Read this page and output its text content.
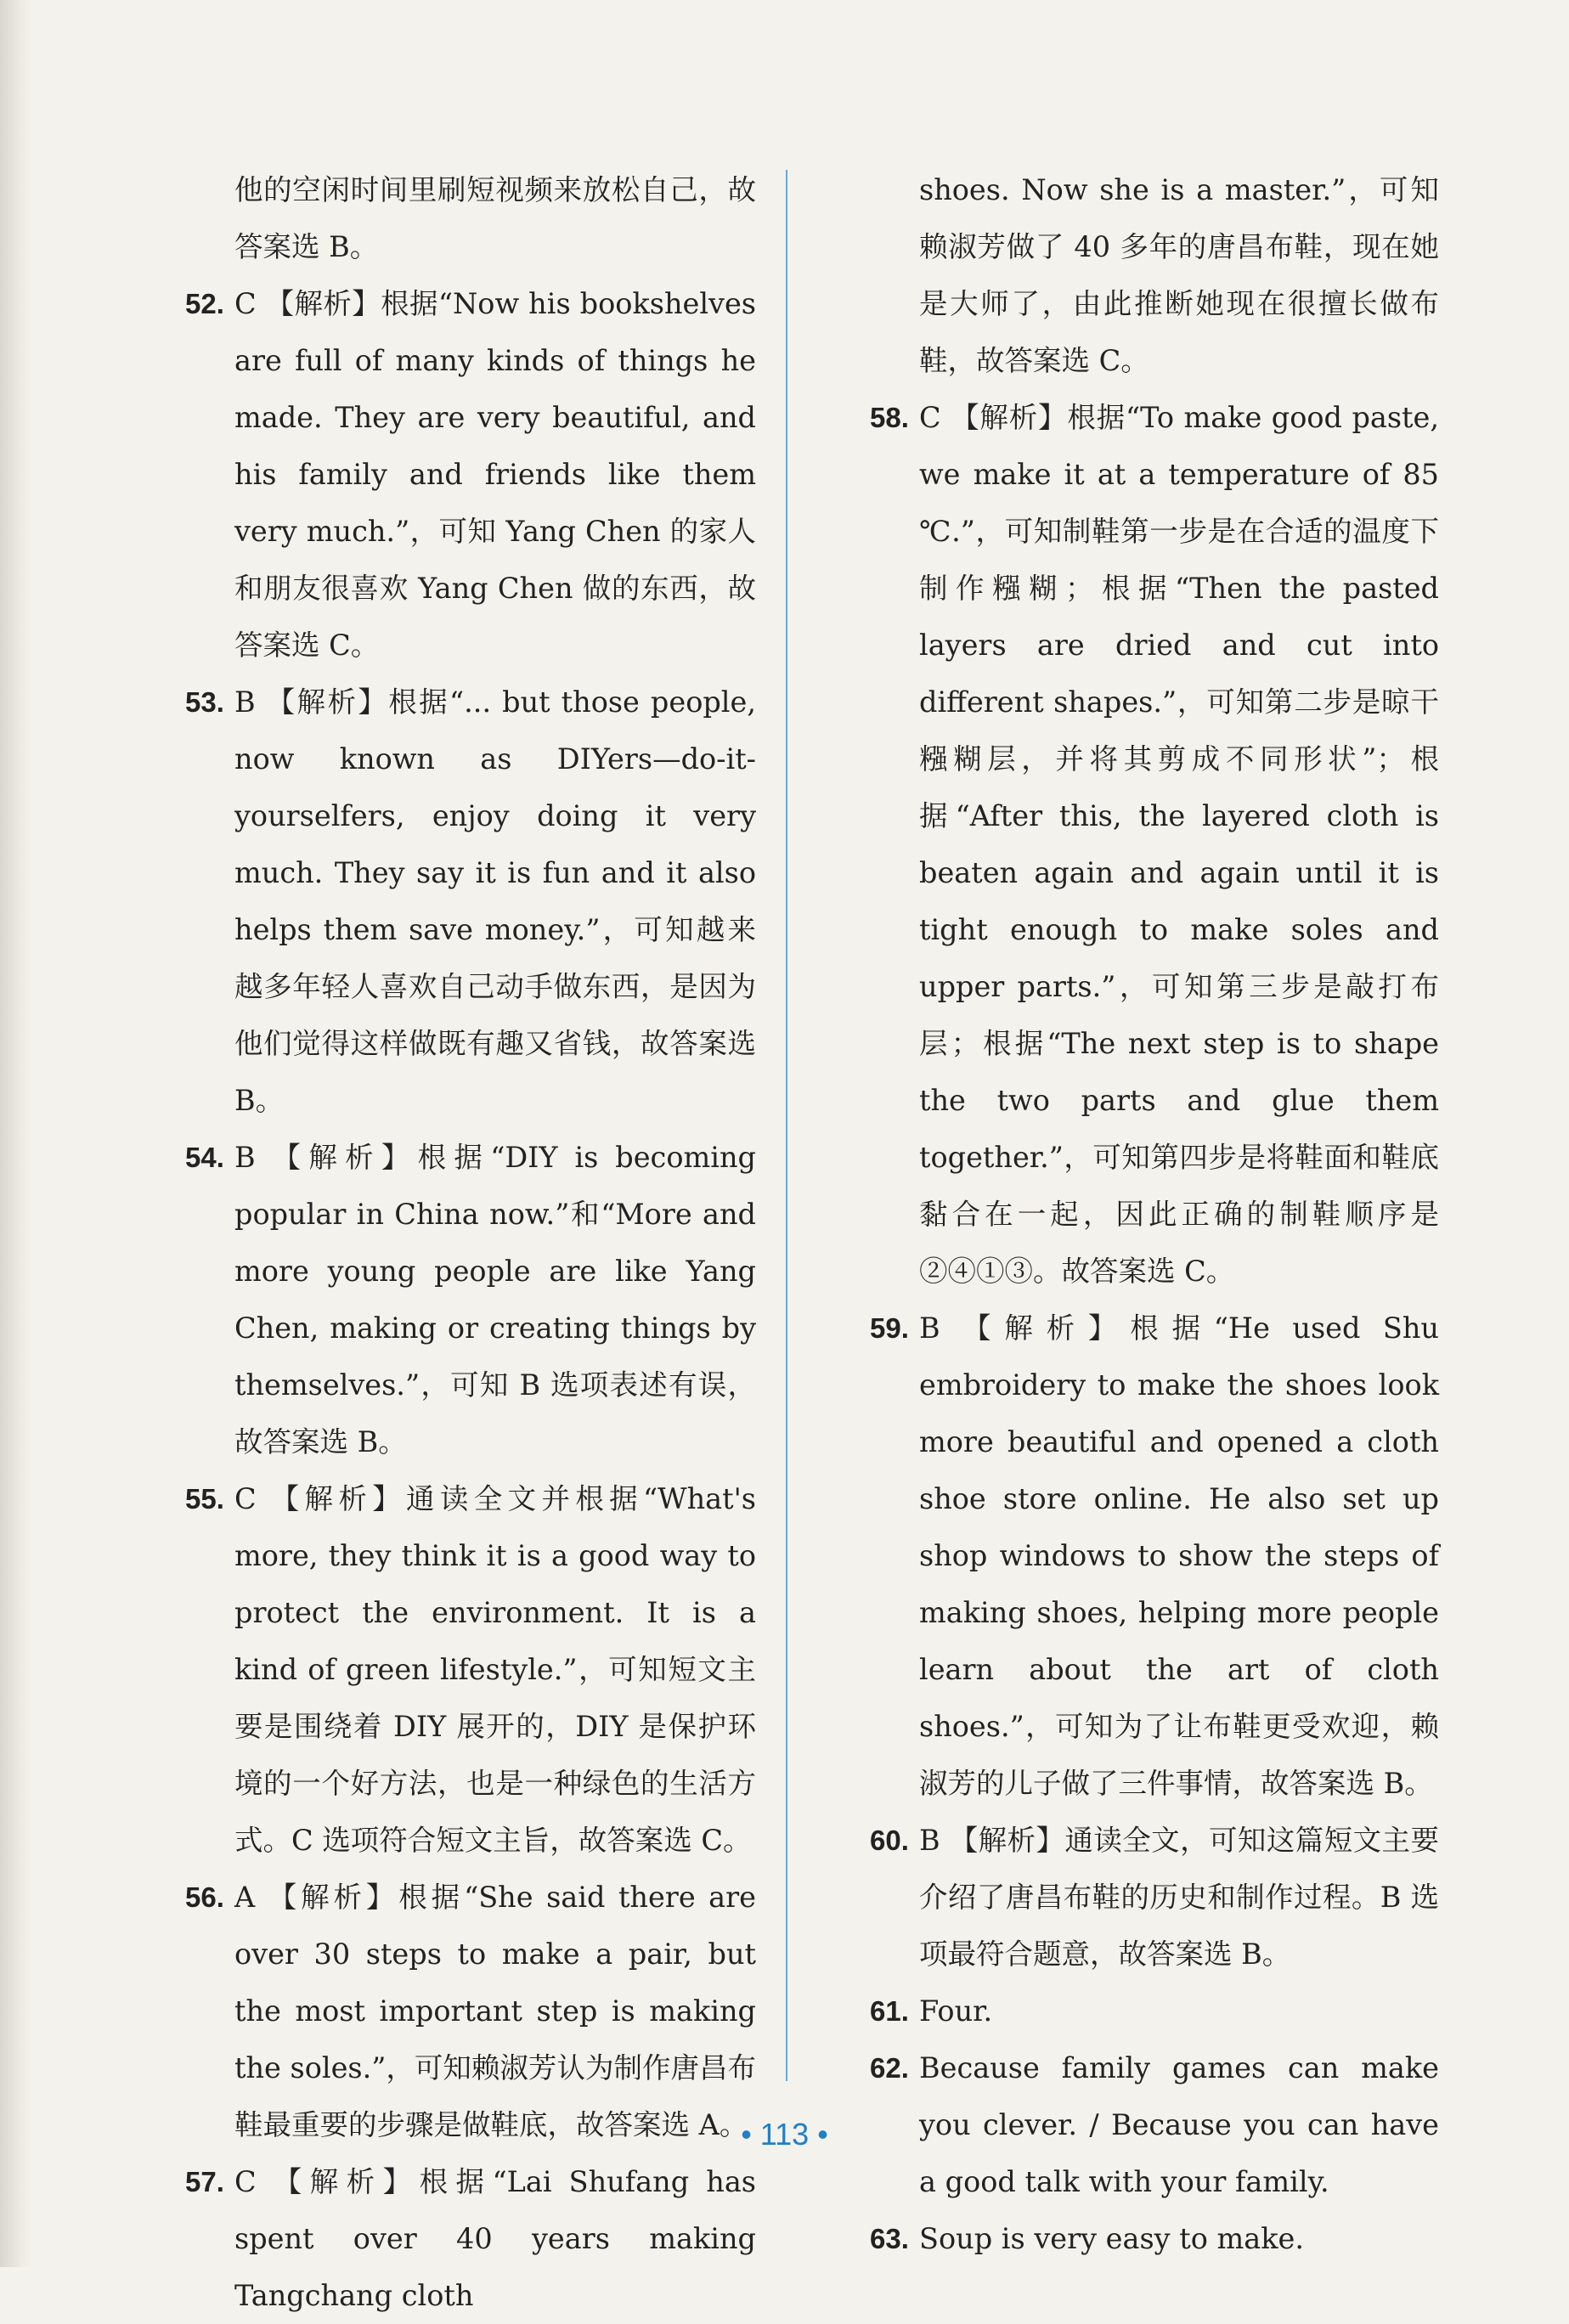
他的空闲时间里刷短视频来放松自己，故答案选 B。
52. C 【解析】根据“Now his bookshelves are full of many kinds of things he made. They are very beautiful, and his family and friends like them very much.”，可知 Yang Chen 的家人和朋友很喜欢 Yang Chen 做的东西，故答案选 C。
53. B 【解析】根据“... but those people, now known as DIYers—do-it-yourselfers, enjoy doing it very much. They say it is fun and it also helps them save money.”，可知越来越多年轻人喜欢自己动手做东西，是因为他们觉得这样做既有趣又省钱，故答案选 B。
54. B 【解析】根据“DIY is becoming popular in China now.”和“More and more young people are like Yang Chen, making or creating things by themselves.”，可知 B 选项表述有误，故答案选 B。
55. C 【解析】通读全文并根据“What's more, they think it is a good way to protect the environment. It is a kind of green lifestyle.”，可知短文主要是围绕着 DIY 展开的，DIY 是保护环境的一个好方法，也是一种绿色的生活方式。C 选项符合短文主旨，故答案选 C。
56. A 【解析】根据“She said there are over 30 steps to make a pair, but the most important step is making the soles.”，可知赖淑芳认为制作唐昌布鞋最重要的步骤是做鞋底，故答案选 A。
57. C 【解析】根据“Lai Shufang has spent over 40 years making Tangchang cloth
shoes. Now she is a master.”，可知赖淑芳做了 40 多年的唐昌布鞋，现在她是大师了，由此推断她现在很擅长做布鞋，故答案选 C。
58. C 【解析】根据“To make good paste, we make it at a temperature of 85 ℃.”，可知制鞋第一步是在合适的温度下制作糨糊；根据“Then the pasted layers are dried and cut into different shapes.”，可知第二步是晾干糨糊层，并将其剪成不同形状”；根据“After this, the layered cloth is beaten again and again until it is tight enough to make soles and upper parts.”，可知第三步是敲打布层；根据“The next step is to shape the two parts and glue them together.”，可知第四步是将鞋面和鞋底黏合在一起，因此正确的制鞋顺序是②④①③。故答案选 C。
59. B 【解析】根据“He used Shu embroidery to make the shoes look more beautiful and opened a cloth shoe store online. He also set up shop windows to show the steps of making shoes, helping more people learn about the art of cloth shoes.”，可知为了让布鞋更受欢迎，赖淑芳的儿子做了三件事情，故答案选 B。
60. B 【解析】通读全文，可知这篇短文主要介绍了唐昌布鞋的历史和制作过程。B 选项最符合题意，故答案选 B。
61. Four.
62. Because family games can make you clever. / Because you can have a good talk with your family.
63. Soup is very easy to make.
• 113 •
